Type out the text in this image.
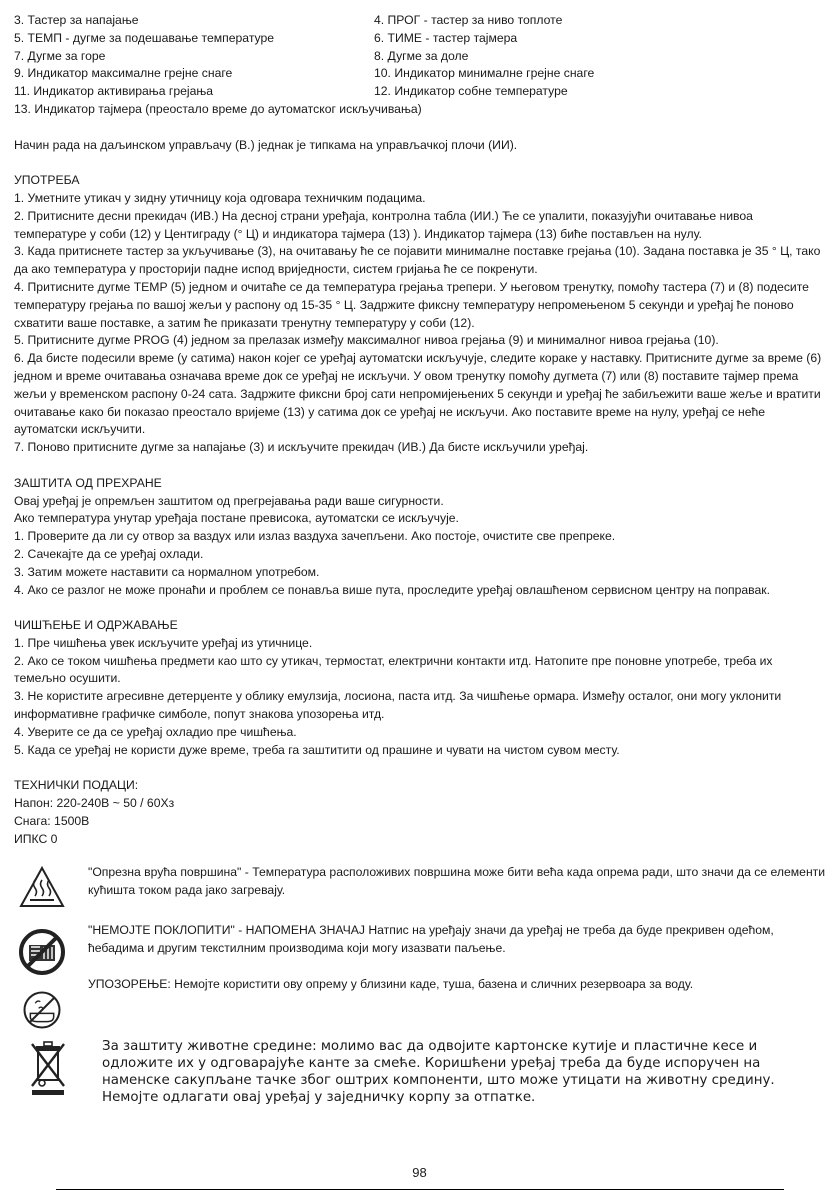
3. Тастер за напајање	4. ПРОГ - тастер за ниво топлоте
5. ТЕМП - дугме за подешавање температуре	6. ТИМЕ - тастер тајмера
7. Дугме за горе	8. Дугме за доле
9. Индикатор максималне грејне снаге	10. Индикатор минималне грејне снаге
11. Индикатор активирања грејања	12. Индикатор собне температуре
13. Индикатор тајмера (преостало време до аутоматског искључивања)
Начин рада на даљинском управљачу (В.) једнак је типкама на управљачкој плочи (ИИ).
УПОТРЕБА
1. Уметните утикач у зидну утичницу која одговара техничким подацима.
2. Притисните десни прекидач (ИВ.) На десној страни уређаја, контролна табла (ИИ.) Ће се упалити, показујући очитавање нивоа температуре у соби (12) у Центиграду (° Ц) и индикатора тајмера (13) ). Индикатор тајмера (13) биће постављен на нулу.
3. Када притиснете тастер за укључивање (3), на очитавању ће се појавити минималне поставке грејања (10). Задана поставка је 35 ° Ц, тако да ако температура у просторији падне испод вриједности, систем гријања ће се покренути.
4. Притисните дугме TEMP (5) једном и очитаће се да температура грејања трепери. У његовом тренутку, помоћу тастера (7) и (8) подесите температуру грејања по вашој жељи у распону од 15-35 ° Ц. Задржите фиксну температуру непромењеном 5 секунди и уређај ће поново схватити ваше поставке, а затим ће приказати тренутну температуру у соби (12).
5. Притисните дугме PROG (4) једном за прелазак између максималног нивоа грејања (9) и минималног нивоа грејања (10).
6. Да бисте подесили време (у сатима) након којег се уређај аутоматски искључује, следите кораке у наставку. Притисните дугме за време (6) једном и време очитавања означава време док се уређај не искључи. У овом тренутку помоћу дугмета (7) или (8) поставите тајмер према жељи у временском распону 0-24 сата. Задржите фиксни број сати непромијењених 5 секунди и уређај ће забиљежити ваше жеље и вратити очитавање како би показао преостало вријеме (13) у сатима док се уређај не искључи. Ако поставите време на нулу, уређај се неће аутоматски искључити.
7. Поново притисните дугме за напајање (3) и искључите прекидач (ИВ.) Да бисте искључили уређај.
ЗАШТИТА ОД ПРЕХРАНЕ
Овај уређај је опремљен заштитом од прегрејавања ради ваше сигурности.
Ако температура унутар уређаја постане превисока, аутоматски се искључује.
1. Проверите да ли су отвор за ваздух или излаз ваздуха зачепљени. Ако постоје, очистите све препреке.
2. Сачекајте да се уређај охлади.
3. Затим можете наставити са нормалном употребом.
4. Ако се разлог не може пронаћи и проблем се понавља више пута, проследите уређај овлашћеном сервисном центру на поправак.
ЧИШЋЕЊЕ И ОДРЖАВАЊЕ
1. Пре чишћења увек искључите уређај из утичнице.
2. Ако се током чишћења предмети као што су утикач, термостат, електрични контакти итд. Натопите пре поновне употребе, треба их темељно осушити.
3. Не користите агресивне детерџенте у облику емулзија, лосиона, паста итд. За чишћење ормара. Између осталог, они могу уклонити информативне графичке симболе, попут знакова упозорења итд.
4. Уверите се да се уређај охладио пре чишћења.
5. Када се уређај не користи дуже време, треба га заштитити од прашине и чувати на чистом сувом месту.
ТЕХНИЧКИ ПОДАЦИ:
Напон: 220-240В ~ 50 / 60Хз
Снага: 1500В
ИПКС 0
"Опрезна врућа површина" - Температура расположивих површина може бити већа када опрема ради, што значи да се елементи кућишта током рада јако загревају.
"НЕМОЈТЕ ПОКЛОПИТИ" - НАПОМЕНА ЗНАЧАЈ Натпис на уређају значи да уређај не треба да буде прекривен одећом, ћебадима и другим текстилним производима који могу изазвати паљење.
УПОЗОРЕЊЕ: Немојте користити ову опрему у близини каде, туша, базена и сличних резервоара за воду.
За заштиту животне средине: молимо вас да одвојите картонске кутије и пластичне кесе и одложите их у одговарајуће канте за смеће. Коришћени уређај треба да буде испоручен на наменске сакупљане тачке због оштрих компоненти, што може утицати на животну средину. Немојте одлагати овај уређај у заједничку корпу за отпатке.
98
